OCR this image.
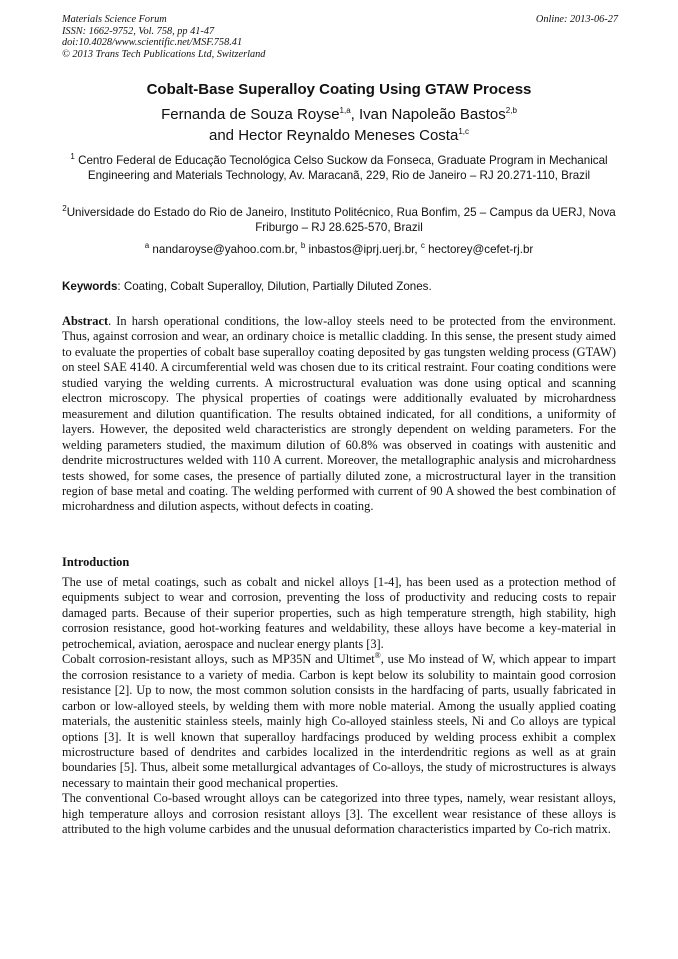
Materials Science Forum
ISSN: 1662-9752, Vol. 758, pp 41-47
doi:10.4028/www.scientific.net/MSF.758.41
© 2013 Trans Tech Publications Ltd, Switzerland
Online: 2013-06-27
Cobalt-Base Superalloy Coating Using GTAW Process
Fernanda de Souza Royse$^{1,a}$, Ivan Napoleão Bastos$^{2,b}$
and Hector Reynaldo Meneses Costa$^{1,c}$
$^1$ Centro Federal de Educação Tecnológica Celso Suckow da Fonseca, Graduate Program in Mechanical Engineering and Materials Technology, Av. Maracanã, 229, Rio de Janeiro – RJ 20.271-110, Brazil
$^2$Universidade do Estado do Rio de Janeiro, Instituto Politécnico, Rua Bonfim, 25 – Campus da UERJ, Nova Friburgo – RJ 28.625-570, Brazil
$^a$ nandaroyse@yahoo.com.br, $^b$ inbastos@iprj.uerj.br, $^c$ hectorey@cefet-rj.br
Keywords: Coating, Cobalt Superalloy, Dilution, Partially Diluted Zones.
Abstract. In harsh operational conditions, the low-alloy steels need to be protected from the environment. Thus, against corrosion and wear, an ordinary choice is metallic cladding. In this sense, the present study aimed to evaluate the properties of cobalt base superalloy coating deposited by gas tungsten welding process (GTAW) on steel SAE 4140. A circumferential weld was chosen due to its critical restraint. Four coating conditions were studied varying the welding currents. A microstructural evaluation was done using optical and scanning electron microscopy. The physical properties of coatings were additionally evaluated by microhardness measurement and dilution quantification. The results obtained indicated, for all conditions, a uniformity of layers. However, the deposited weld characteristics are strongly dependent on welding parameters. For the welding parameters studied, the maximum dilution of 60.8% was observed in coatings with austenitic and dendrite microstructures welded with 110 A current. Moreover, the metallographic analysis and microhardness tests showed, for some cases, the presence of partially diluted zone, a microstructural layer in the transition region of base metal and coating. The welding performed with current of 90 A showed the best combination of microhardness and dilution aspects, without defects in coating.
Introduction

The use of metal coatings, such as cobalt and nickel alloys [1-4], has been used as a protection method of equipments subject to wear and corrosion, preventing the loss of productivity and reducing costs to repair damaged parts. Because of their superior properties, such as high temperature strength, high stability, high corrosion resistance, good hot-working features and weldability, these alloys have become a key-material in petrochemical, aviation, aerospace and nuclear energy plants [3].

Cobalt corrosion-resistant alloys, such as MP35N and Ultimet®, use Mo instead of W, which appear to impart the corrosion resistance to a variety of media. Carbon is kept below its solubility to maintain good corrosion resistance [2]. Up to now, the most common solution consists in the hardfacing of parts, usually fabricated in carbon or low-alloyed steels, by welding them with more noble material. Among the usually applied coating materials, the austenitic stainless steels, mainly high Co-alloyed stainless steels, Ni and Co alloys are typical options [3]. It is well known that superalloy hardfacings produced by welding process exhibit a complex microstructure based of dendrites and carbides localized in the interdendritic regions as well as at grain boundaries [5]. Thus, albeit some metallurgical advantages of Co-alloys, the study of microstructures is always necessary to maintain their good mechanical properties.

The conventional Co-based wrought alloys can be categorized into three types, namely, wear resistant alloys, high temperature alloys and corrosion resistant alloys [3]. The excellent wear resistance of these alloys is attributed to the high volume carbides and the unusual deformation characteristics imparted by Co-rich matrix.
